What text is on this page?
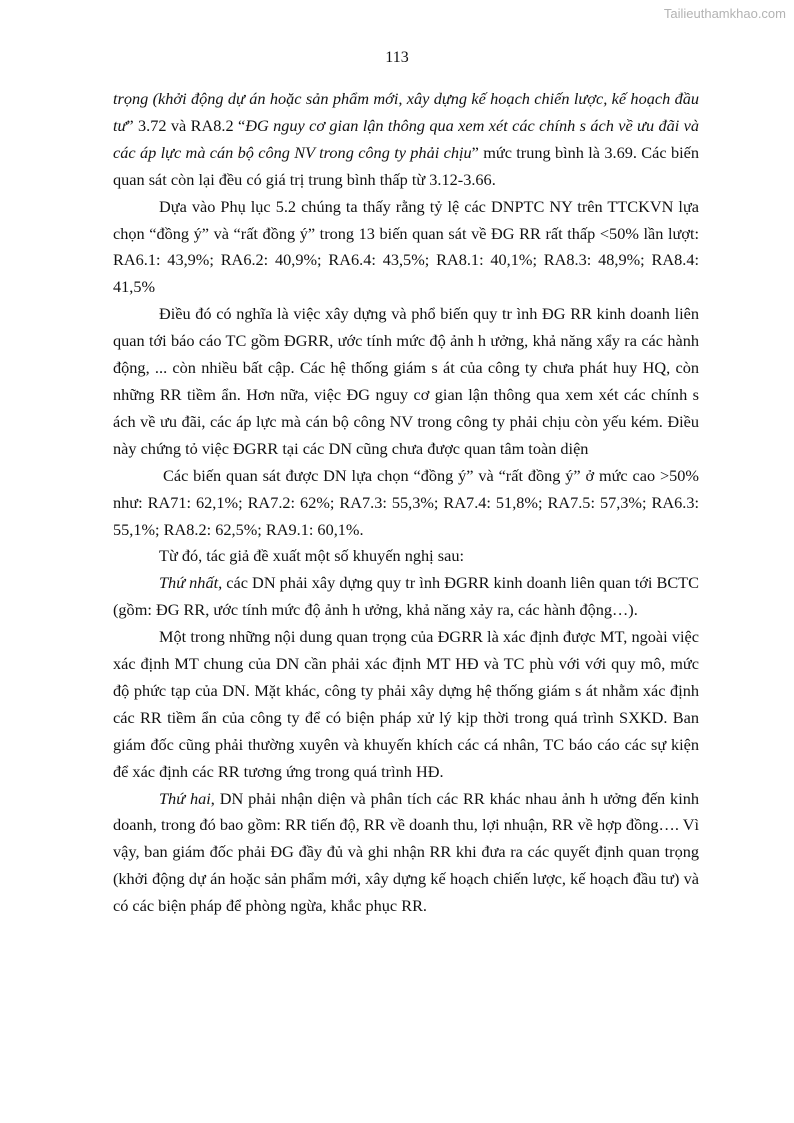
Tailieuthamkhao.com
113

trọng (khởi động dự án hoặc sản phẩm mới, xây dựng kế hoạch chiến lược, kế hoạch đầu tư” 3.72 và RA8.2 “ĐG nguy cơ gian lận thông qua xem xét các chính s ách về ưu đãi và các áp lực mà cán bộ công NV trong công ty phải chịu” mức trung bình là 3.69. Các biến quan sát còn lại đều có giá trị trung bình thấp từ 3.12-3.66.

Dựa vào Phụ lục 5.2 chúng ta thấy rằng tỷ lệ các DNPTC NY trên TTCKVN lựa chọn “đồng ý” và “rất đồng ý” trong 13 biến quan sát về ĐG RR rất thấp <50% lần lượt: RA6.1: 43,9%; RA6.2: 40,9%; RA6.4: 43,5%; RA8.1: 40,1%; RA8.3: 48,9%; RA8.4: 41,5%

Điều đó có nghĩa là việc xây dựng và phổ biến quy tr ình ĐG RR kinh doanh liên quan tới báo cáo TC gồm ĐGRR, ước tính mức độ ảnh h ưởng, khả năng xẩy ra các hành động, ... còn nhiều bất cập. Các hệ thống giám s át của công ty chưa phát huy HQ, còn những RR tiềm ẩn. Hơn nữa, việc ĐG nguy cơ gian lận thông qua xem xét các chính s ách về ưu đãi, các áp lực mà cán bộ công NV trong công ty phải chịu còn yếu kém. Điều này chứng tỏ việc ĐGRR tại các DN cũng chưa được quan tâm toàn diện

Các biến quan sát được DN lựa chọn “đồng ý” và “rất đồng ý” ở mức cao >50% như: RA71: 62,1%; RA7.2: 62%; RA7.3: 55,3%; RA7.4: 51,8%; RA7.5: 57,3%; RA6.3: 55,1%; RA8.2: 62,5%; RA9.1: 60,1%.

Từ đó, tác giả đề xuất một số khuyến nghị sau:

Thứ nhất, các DN phải xây dựng quy tr ình ĐGRR kinh doanh liên quan tới BCTC (gồm: ĐG RR, ước tính mức độ ảnh h ưởng, khả năng xảy ra, các hành động…).

Một trong những nội dung quan trọng của ĐGRR là xác định được MT, ngoài việc xác định MT chung của DN cần phải xác định MT HĐ và TC phù với với quy mô, mức độ phức tạp của DN. Mặt khác, công ty phải xây dựng hệ thống giám s át nhằm xác định các RR tiềm ẩn của công ty để có biện pháp xử lý kịp thời trong quá trình SXKD. Ban giám đốc cũng phải thường xuyên và khuyến khích các cá nhân, TC báo cáo các sự kiện để xác định các RR tương ứng trong quá trình HĐ.

Thứ hai, DN phải nhận diện và phân tích các RR khác nhau ảnh h ưởng đến kinh doanh, trong đó bao gồm: RR tiến độ, RR về doanh thu, lợi nhuận, RR về hợp đồng…. Vì vậy, ban giám đốc phải ĐG đầy đủ và ghi nhận RR khi đưa ra các quyết định quan trọng (khởi động dự án hoặc sản phẩm mới, xây dựng kế hoạch chiến lược, kế hoạch đầu tư) và có các biện pháp để phòng ngừa, khắc phục RR.
